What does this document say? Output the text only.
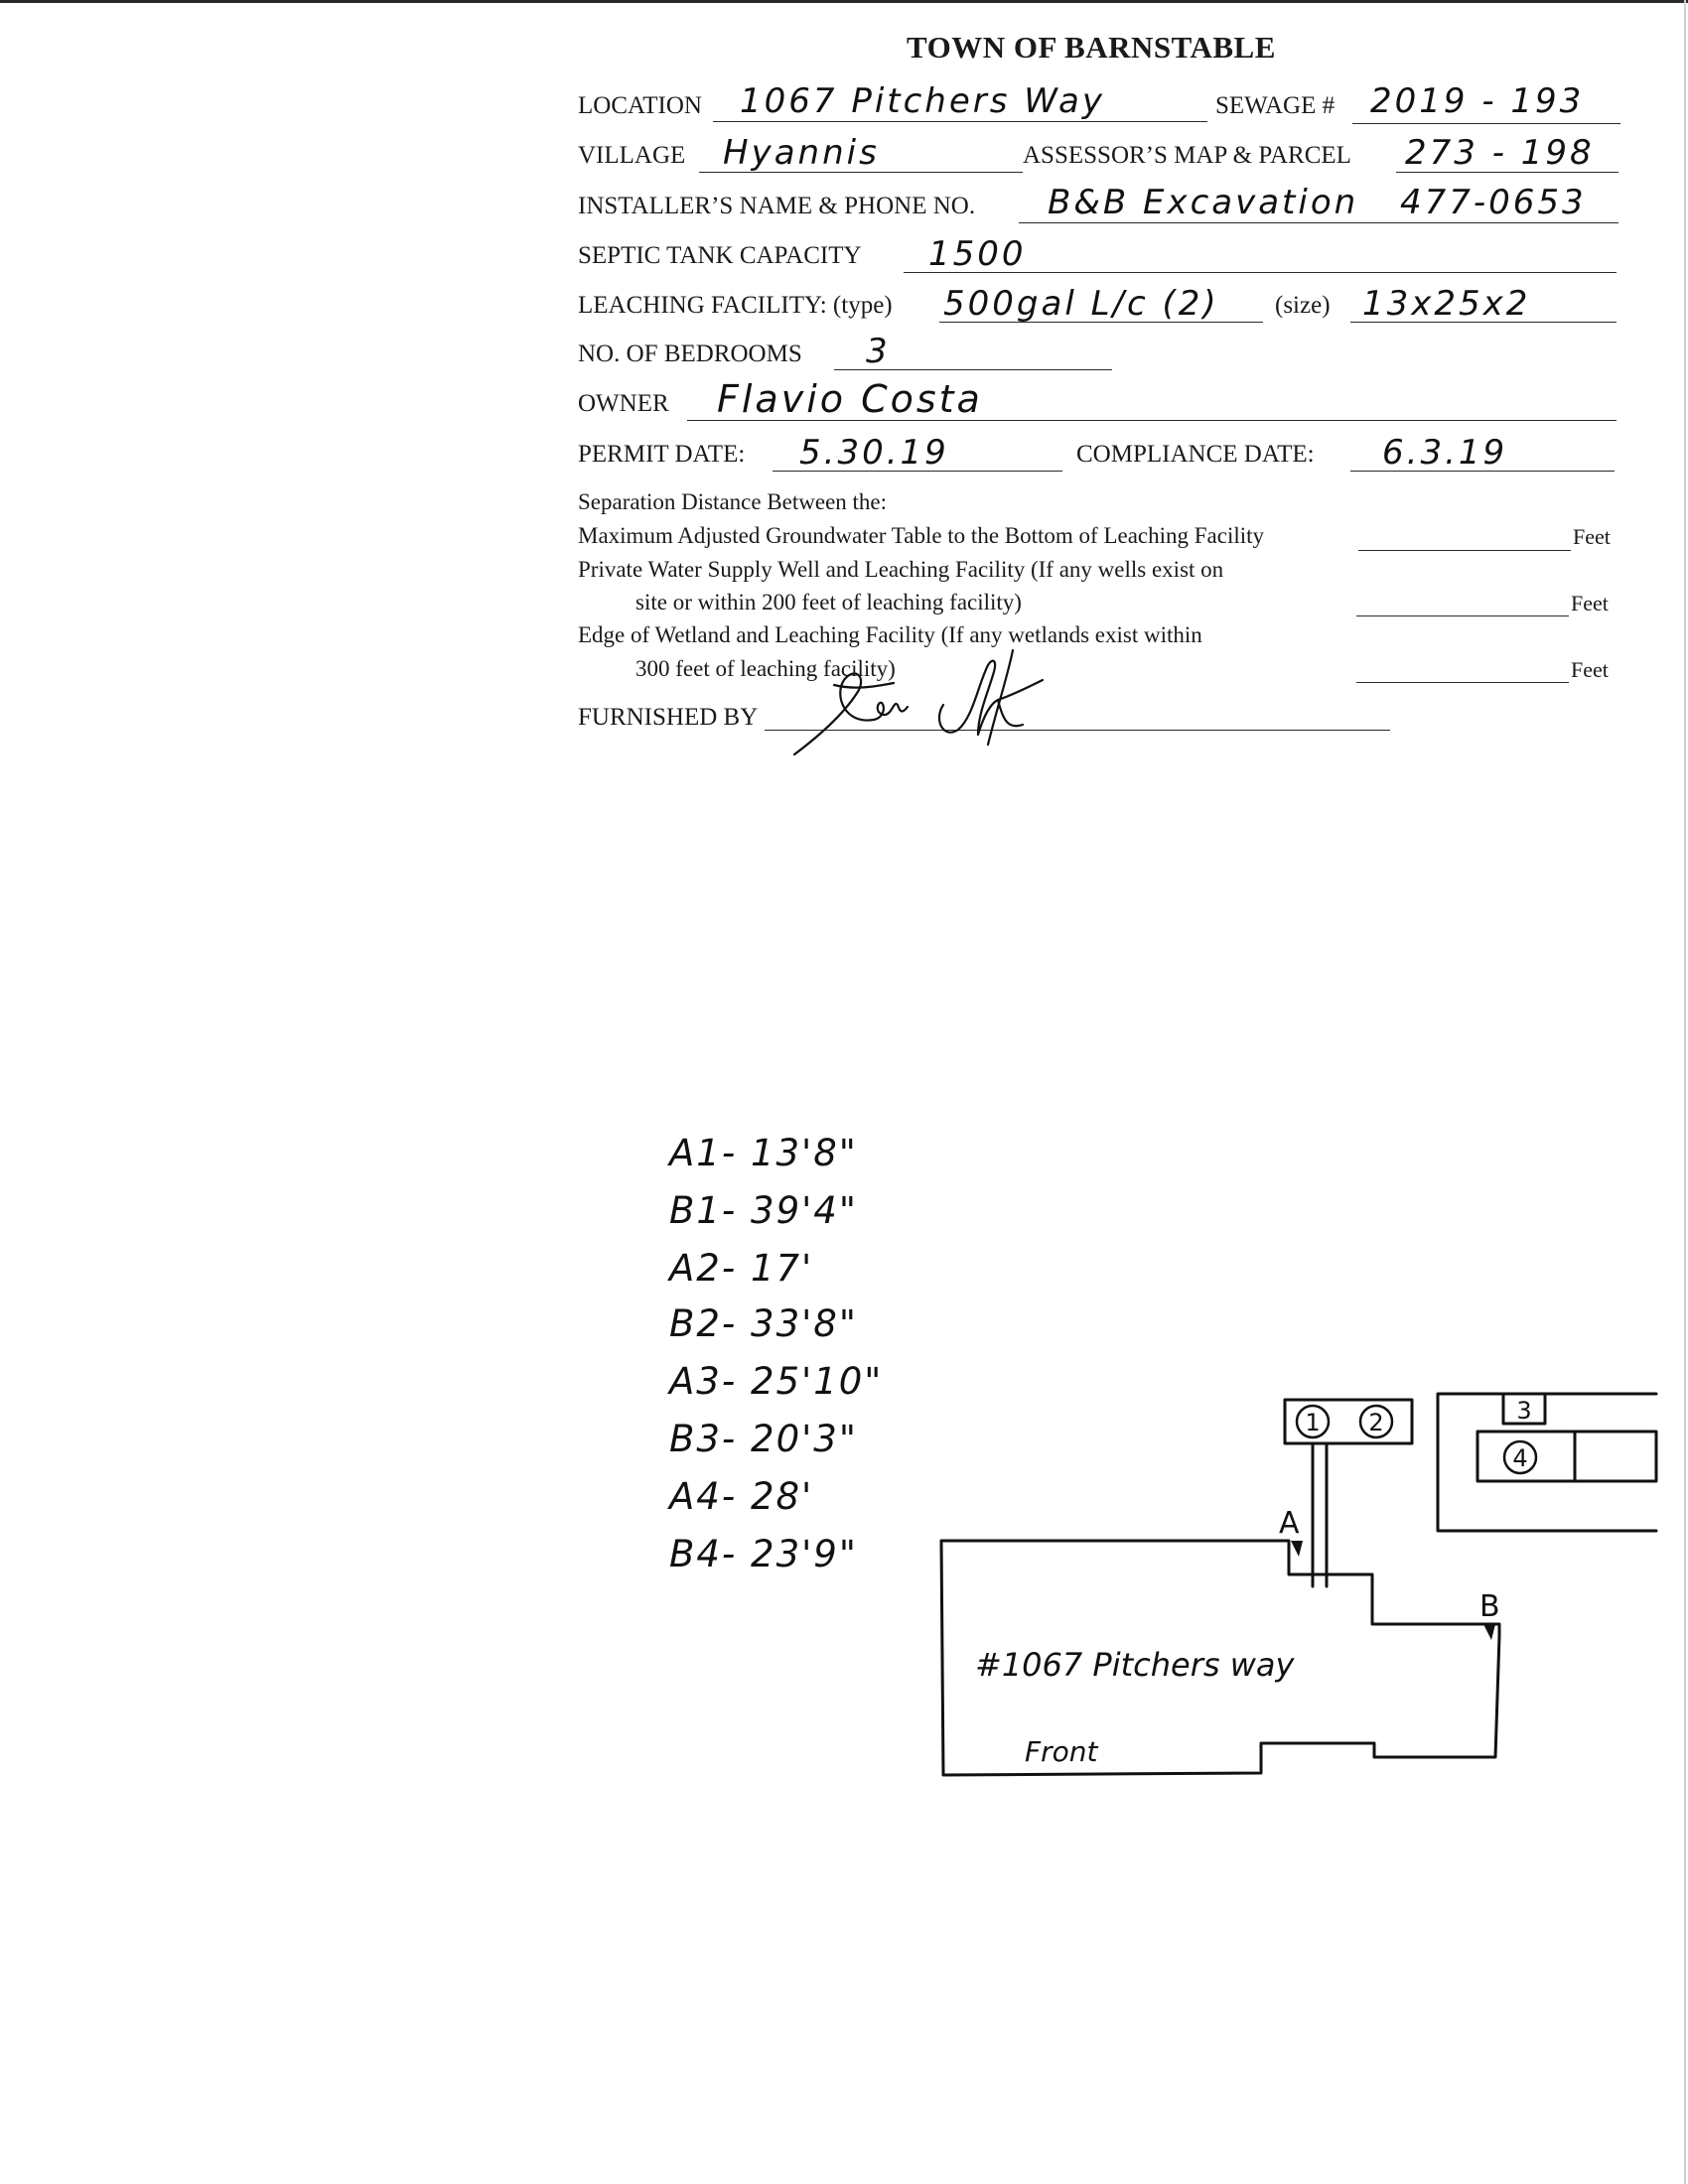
TOWN OF BARNSTABLE
LOCATION 1067 Pitchers Way	SEWAGE # 2019 - 193
VILLAGE Hyannis	ASSESSOR’S MAP & PARCEL 273 - 198
INSTALLER’S NAME & PHONE NO. B&B Excavation 477-0653
SEPTIC TANK CAPACITY 1500
LEACHING FACILITY: (type) 500gal L/c (2) (size) 13x25x2
NO. OF BEDROOMS 3
OWNER Flavio Costa
PERMIT DATE: 5.30.19	COMPLIANCE DATE: 6.3.19
Separation Distance Between the:
Maximum Adjusted Groundwater Table to the Bottom of Leaching Facility	Feet
Private Water Supply Well and Leaching Facility (If any wells exist on
site or within 200 feet of leaching facility)	Feet
Edge of Wetland and Leaching Facility (If any wetlands exist within
300 feet of leaching facility)	Feet
FURNISHED BY
A1- 13'8"
B1- 39'4"
A2- 17'
B2- 33'8"
A3- 25'10"
B3- 20'3"
A4- 28'
B4- 23'9"
1 2	3
4
A
B
#1067 Pitchers way
Front
